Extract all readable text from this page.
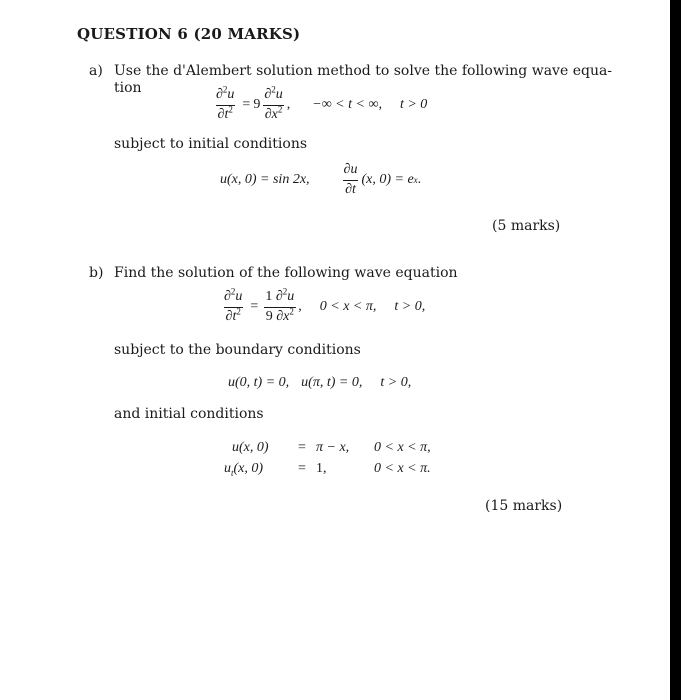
QUESTION 6 (20 MARKS)
a) Use the d'Alembert solution method to solve the following wave equa-
tion	$\frac{\partial^2u}{\partial t^2} = 9 \frac{\partial^2u}{\partial x^2}$ , −∞ < t < ∞, t > 0
subject to initial conditions
u(x, 0) = sin 2x, $\frac{\partial u}{\partial t} (x$, 0) = e x .
(5 marks)
b) Find the solution of the following wave equation
$\frac{\partial^2u}{\partial t^2} = \frac{1 \partial^2u}{9 \partial x^2}$ , 0 < x < π, t > 0,
subject to the boundary conditions
u(0, t) = 0, u(π, t) = 0, t > 0,
and initial conditions
u(x, 0)	= π − x,	0 < x < π,
$u_t(x$, 0)	= 1,	0 < x < π.
(15 marks)
